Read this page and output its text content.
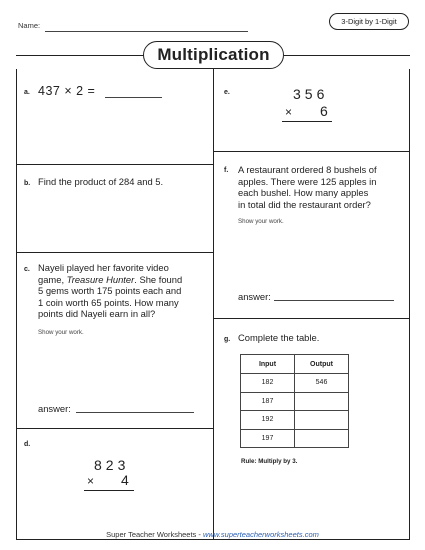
Name:	3-Digit by 1-Digit
Multiplication
a. 437 × 2 =
b. Find the product of 284 and 5.
c. Nayeli played her favorite video
game, Treasure Hunter. She found
5 gems worth 175 points each and
1 coin worth 65 points. How many
points did Nayeli earn in all?
Show your work.
answer:
d.
823
× 4
e.	356
× 6
f. A restaurant ordered 8 bushels of
apples. There were 125 apples in
each bushel. How many apples
in total did the restaurant order?
Show your work.
answer:
g. Complete the table.
Input	Output
182	546
187	
192	
197	
Rule: Multiply by 3.
Super Teacher Worksheets - www.superteacherworksheets.com
